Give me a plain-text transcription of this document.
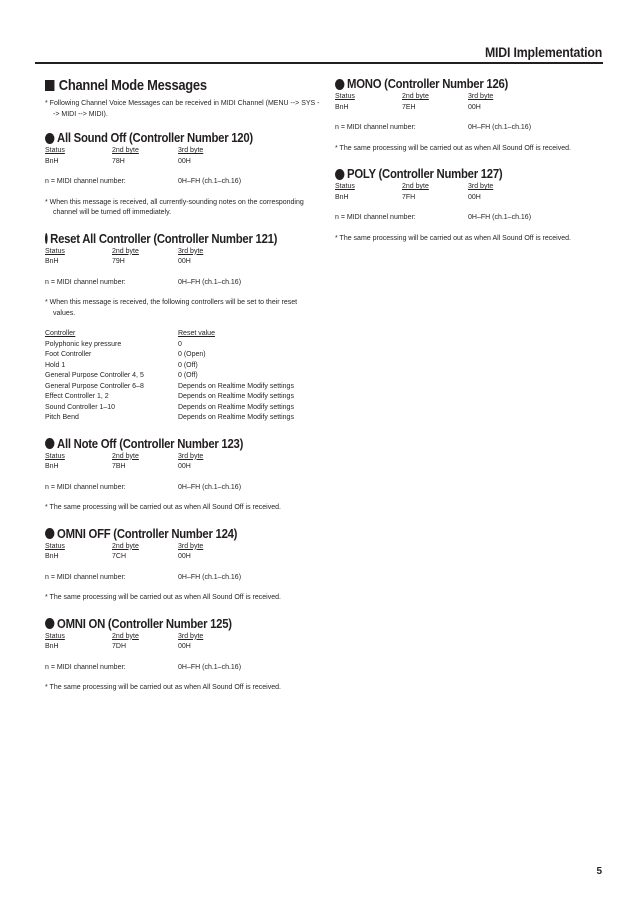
MIDI Implementation
Channel Mode Messages
* Following Channel Voice Messages can be received in MIDI Channel (MENU --> SYS --> MIDI --> MIDI).
All Sound Off (Controller Number 120)
Status	2nd byte	3rd byte
BnH	78H	00H
n = MIDI channel number:	0H–FH (ch.1–ch.16)
* When this message is received, all currently-sounding notes on the corresponding channel will be turned off immediately.
Reset All Controller (Controller Number 121)
Status	2nd byte	3rd byte
BnH	79H	00H
n = MIDI channel number:	0H–FH (ch.1–ch.16)
* When this message is received, the following controllers will be set to their reset values.
Controller	Reset value
Polyphonic key pressure	0
Foot Controller	0 (Open)
Hold 1	0 (Off)
General Purpose Controller 4, 5	0 (Off)
General Purpose Controller 6–8	Depends on Realtime Modify settings
Effect Controller 1, 2	Depends on Realtime Modify settings
Sound Controller 1–10	Depends on Realtime Modify settings
Pitch Bend	Depends on Realtime Modify settings
All Note Off (Controller Number 123)
Status	2nd byte	3rd byte
BnH	7BH	00H
n = MIDI channel number:	0H–FH (ch.1–ch.16)
* The same processing will be carried out as when All Sound Off is received.
OMNI OFF (Controller Number 124)
Status	2nd byte	3rd byte
BnH	7CH	00H
n = MIDI channel number:	0H–FH (ch.1–ch.16)
* The same processing will be carried out as when All Sound Off is received.
OMNI ON (Controller Number 125)
Status	2nd byte	3rd byte
BnH	7DH	00H
n = MIDI channel number:	0H–FH (ch.1–ch.16)
* The same processing will be carried out as when All Sound Off is received.
MONO (Controller Number 126)
Status	2nd byte	3rd byte
BnH	7EH	00H
n = MIDI channel number:	0H–FH (ch.1–ch.16)
* The same processing will be carried out as when All Sound Off is received.
POLY (Controller Number 127)
Status	2nd byte	3rd byte
BnH	7FH	00H
n = MIDI channel number:	0H–FH (ch.1–ch.16)
* The same processing will be carried out as when All Sound Off is received.
5
